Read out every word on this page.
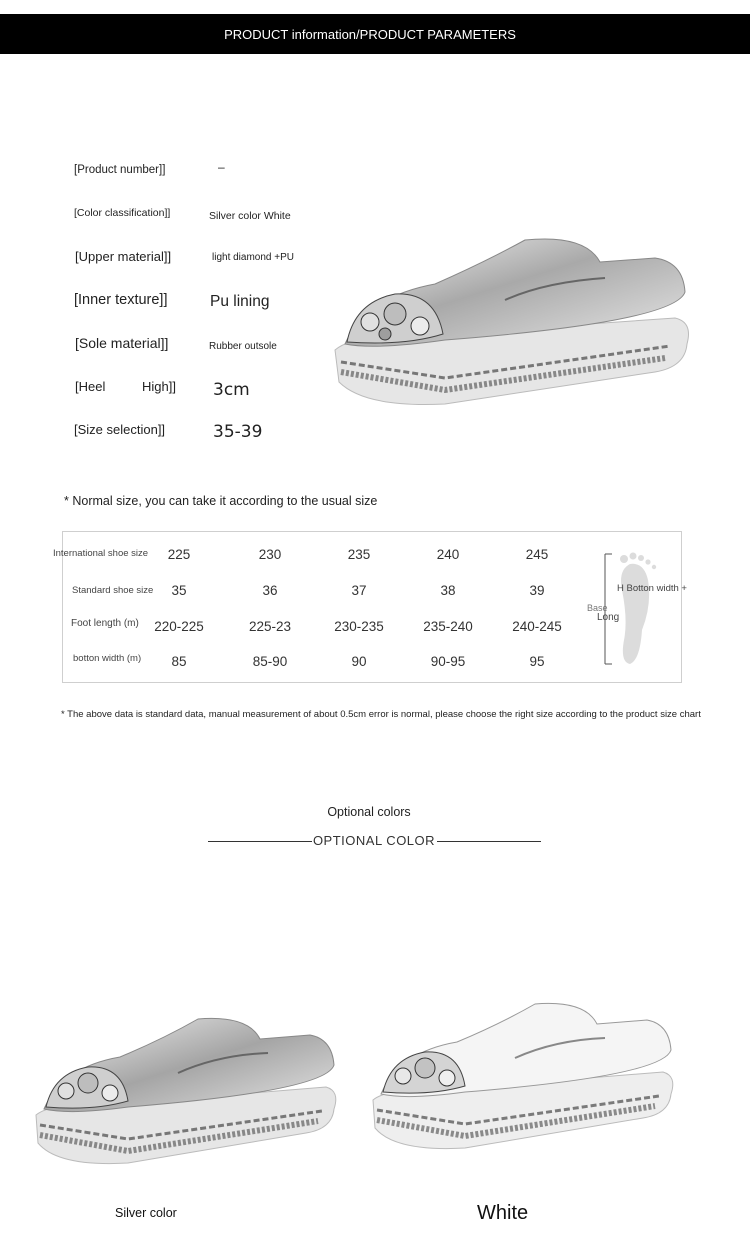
PRODUCT information/PRODUCT PARAMETERS
[Product number]]	–
[Color classification]]	Silver color White
[Upper material]]	light diamond +PU
[Inner texture]]	Pu lining
[Sole material]]	Rubber outsole
[Heel	High]] 3cm
[Size selection]]	35-39
* Normal size, you can take it according to the usual size
International shoe size	225	230	235	240	245
Standard shoe size	35	36	37	38	39
Foot length (m)	220-225	225-23	230-235	235-240	240-245
botton width (m)	85	85-90	90	90-95	95
Base
Long
H Botton width +
* The above data is standard data, manual measurement of about 0.5cm error is normal, please choose the right size according to the product size chart
Optional colors
OPTIONAL COLOR
Silver color	White
